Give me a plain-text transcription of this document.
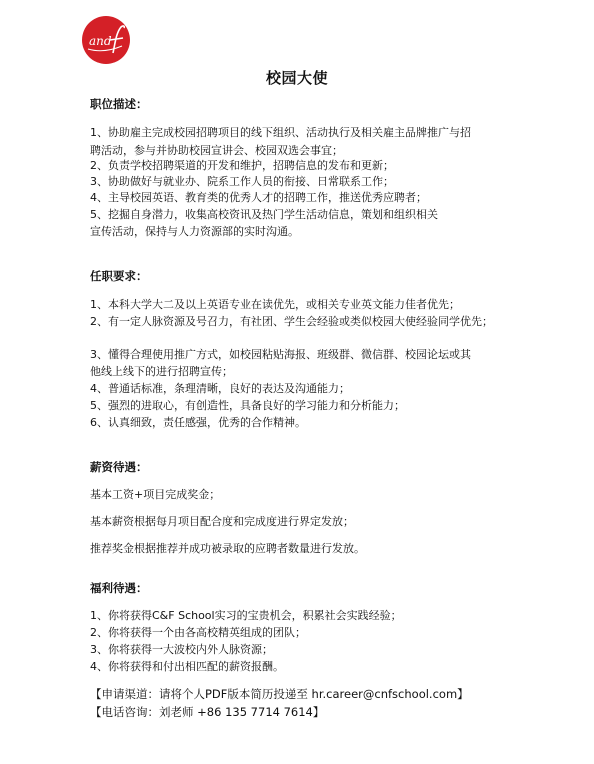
and
校园大使
职位描述：
1、协助雇主完成校园招聘项目的线下组织、活动执行及相关雇主品牌推广与招
聘活动，参与并协助校园宣讲会、校园双选会事宜；
2、负责学校招聘渠道的开发和维护，招聘信息的发布和更新；
3、协助做好与就业办、院系工作人员的衔接、日常联系工作；
4、主导校园英语、教育类的优秀人才的招聘工作，推送优秀应聘者；
5、挖掘自身潜力，收集高校资讯及热门学生活动信息，策划和组织相关
宣传活动，保持与人力资源部的实时沟通。
任职要求：
1、本科大学大二及以上英语专业在读优先，或相关专业英文能力佳者优先；
2、有一定人脉资源及号召力，有社团、学生会经验或类似校园大使经验同学优先；
3、懂得合理使用推广方式，如校园粘贴海报、班级群、微信群、校园论坛或其
他线上线下的进行招聘宣传；
4、普通话标准，条理清晰，良好的表达及沟通能力；
5、强烈的进取心，有创造性，具备良好的学习能力和分析能力；
6、认真细致，责任感强，优秀的合作精神。
薪资待遇：
基本工资+项目完成奖金；
基本薪资根据每月项目配合度和完成度进行界定发放；
推荐奖金根据推荐并成功被录取的应聘者数量进行发放。
福利待遇：
1、你将获得C&F School实习的宝贵机会，积累社会实践经验；
2、你将获得一个由各高校精英组成的团队；
3、你将获得一大波校内外人脉资源；
4、你将获得和付出相匹配的薪资报酬。
【申请渠道：请将个人PDF版本简历投递至 hr.career@cnfschool.com】
【电话咨询：刘老师 +86 135 7714 7614】
